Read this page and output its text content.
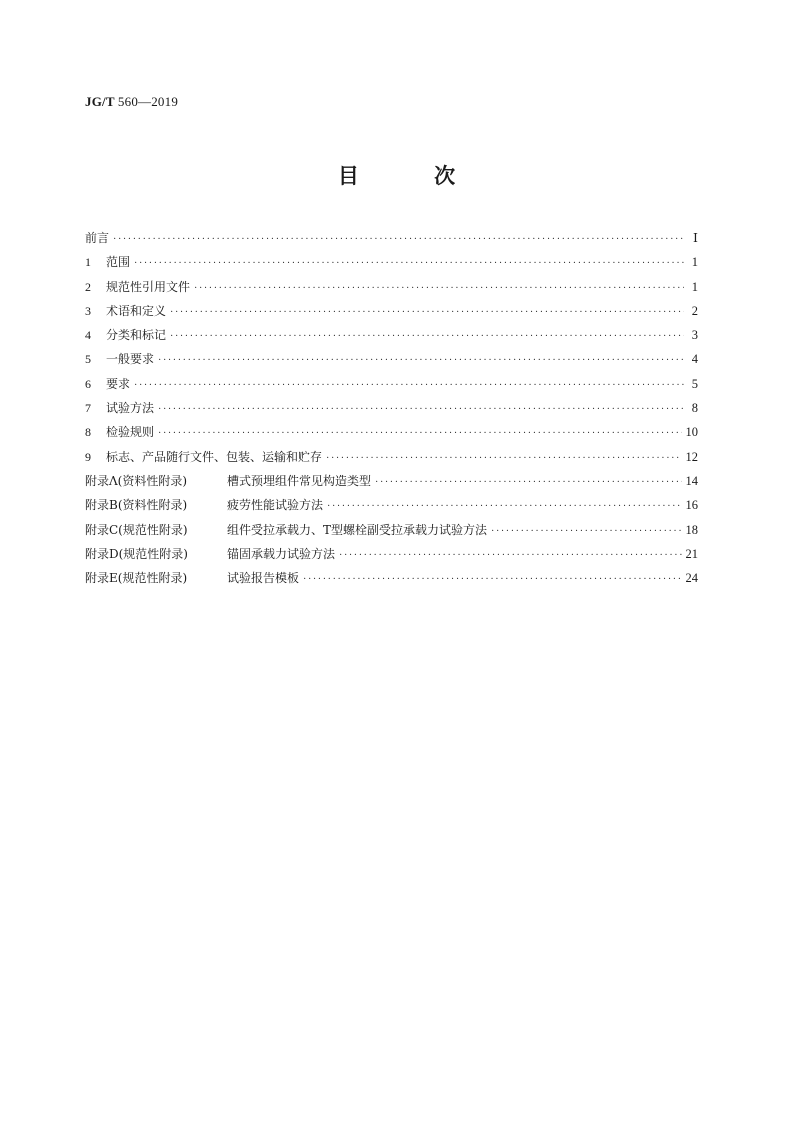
JG/T 560—2019
目 次
前言 ·····	Ⅰ
1	范围 ·····	1
2	规范性引用文件 ·····	1
3	术语和定义 ·····	2
4	分类和标记 ·····	3
5	一般要求 ·····	4
6	要求 ·····	5
7	试验方法 ·····	8
8	检验规则 ·····	10
9	标志、产品随行文件、包装、运输和贮存 ·····	12
附录Λ(资料性附录)	槽式预埋组件常见构造类型 ·····	14
附录B(资料性附录)	疲劳性能试验方法 ·····	16
附录C(规范性附录)	组件受拉承载力、T型螺栓副受拉承载力试验方法 ·····	18
附录D(规范性附录)	锚固承载力试验方法 ·····	21
附录E(规范性附录)	试验报告模板 ·····	24
